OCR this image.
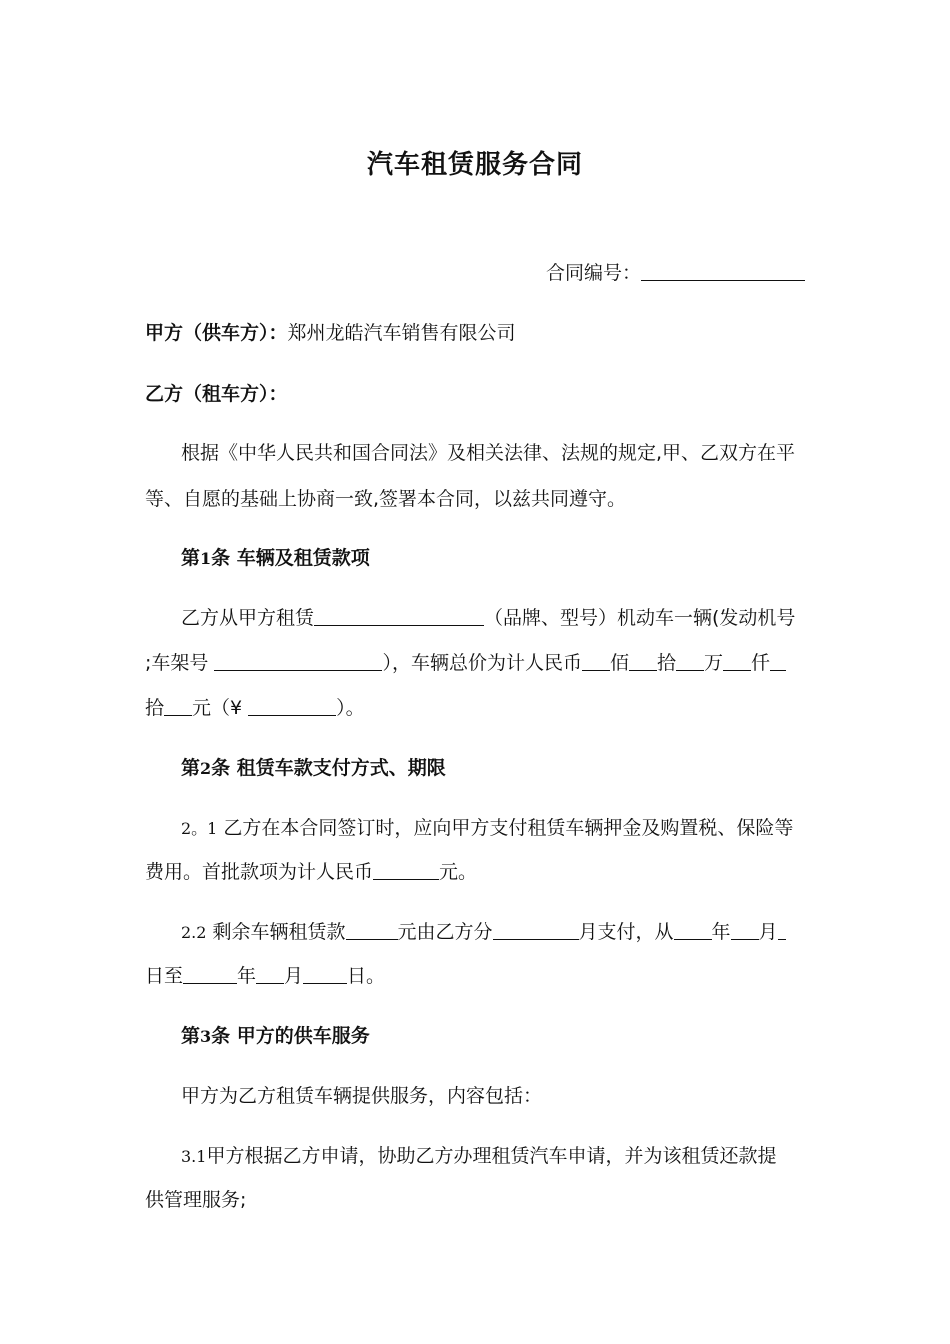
汽车租赁服务合同
合同编号：
甲方（供车方）：郑州龙皓汽车销售有限公司
乙方（租车方）：
根据《中华人民共和国合同法》及相关法律、法规的规定,甲、乙双方在平
等、自愿的基础上协商一致,签署本合同，以兹共同遵守。
第1条 车辆及租赁款项
乙方从甲方租赁	（品牌、型号）机动车一辆(发动机号
;车架号	），车辆总价为计人民币 佰 拾 万 仟
拾 元（¥	）。
第2条 租赁车款支付方式、期限
2。1 乙方在本合同签订时，应向甲方支付租赁车辆押金及购置税、保险等
费用。首批款项为计人民币	元。
2.2 剩余车辆租赁款	元由乙方分	月支付，从 年 月
日至	年 月 日。
第3条 甲方的供车服务
甲方为乙方租赁车辆提供服务，内容包括：
3.1甲方根据乙方申请，协助乙方办理租赁汽车申请，并为该租赁还款提
供管理服务;
